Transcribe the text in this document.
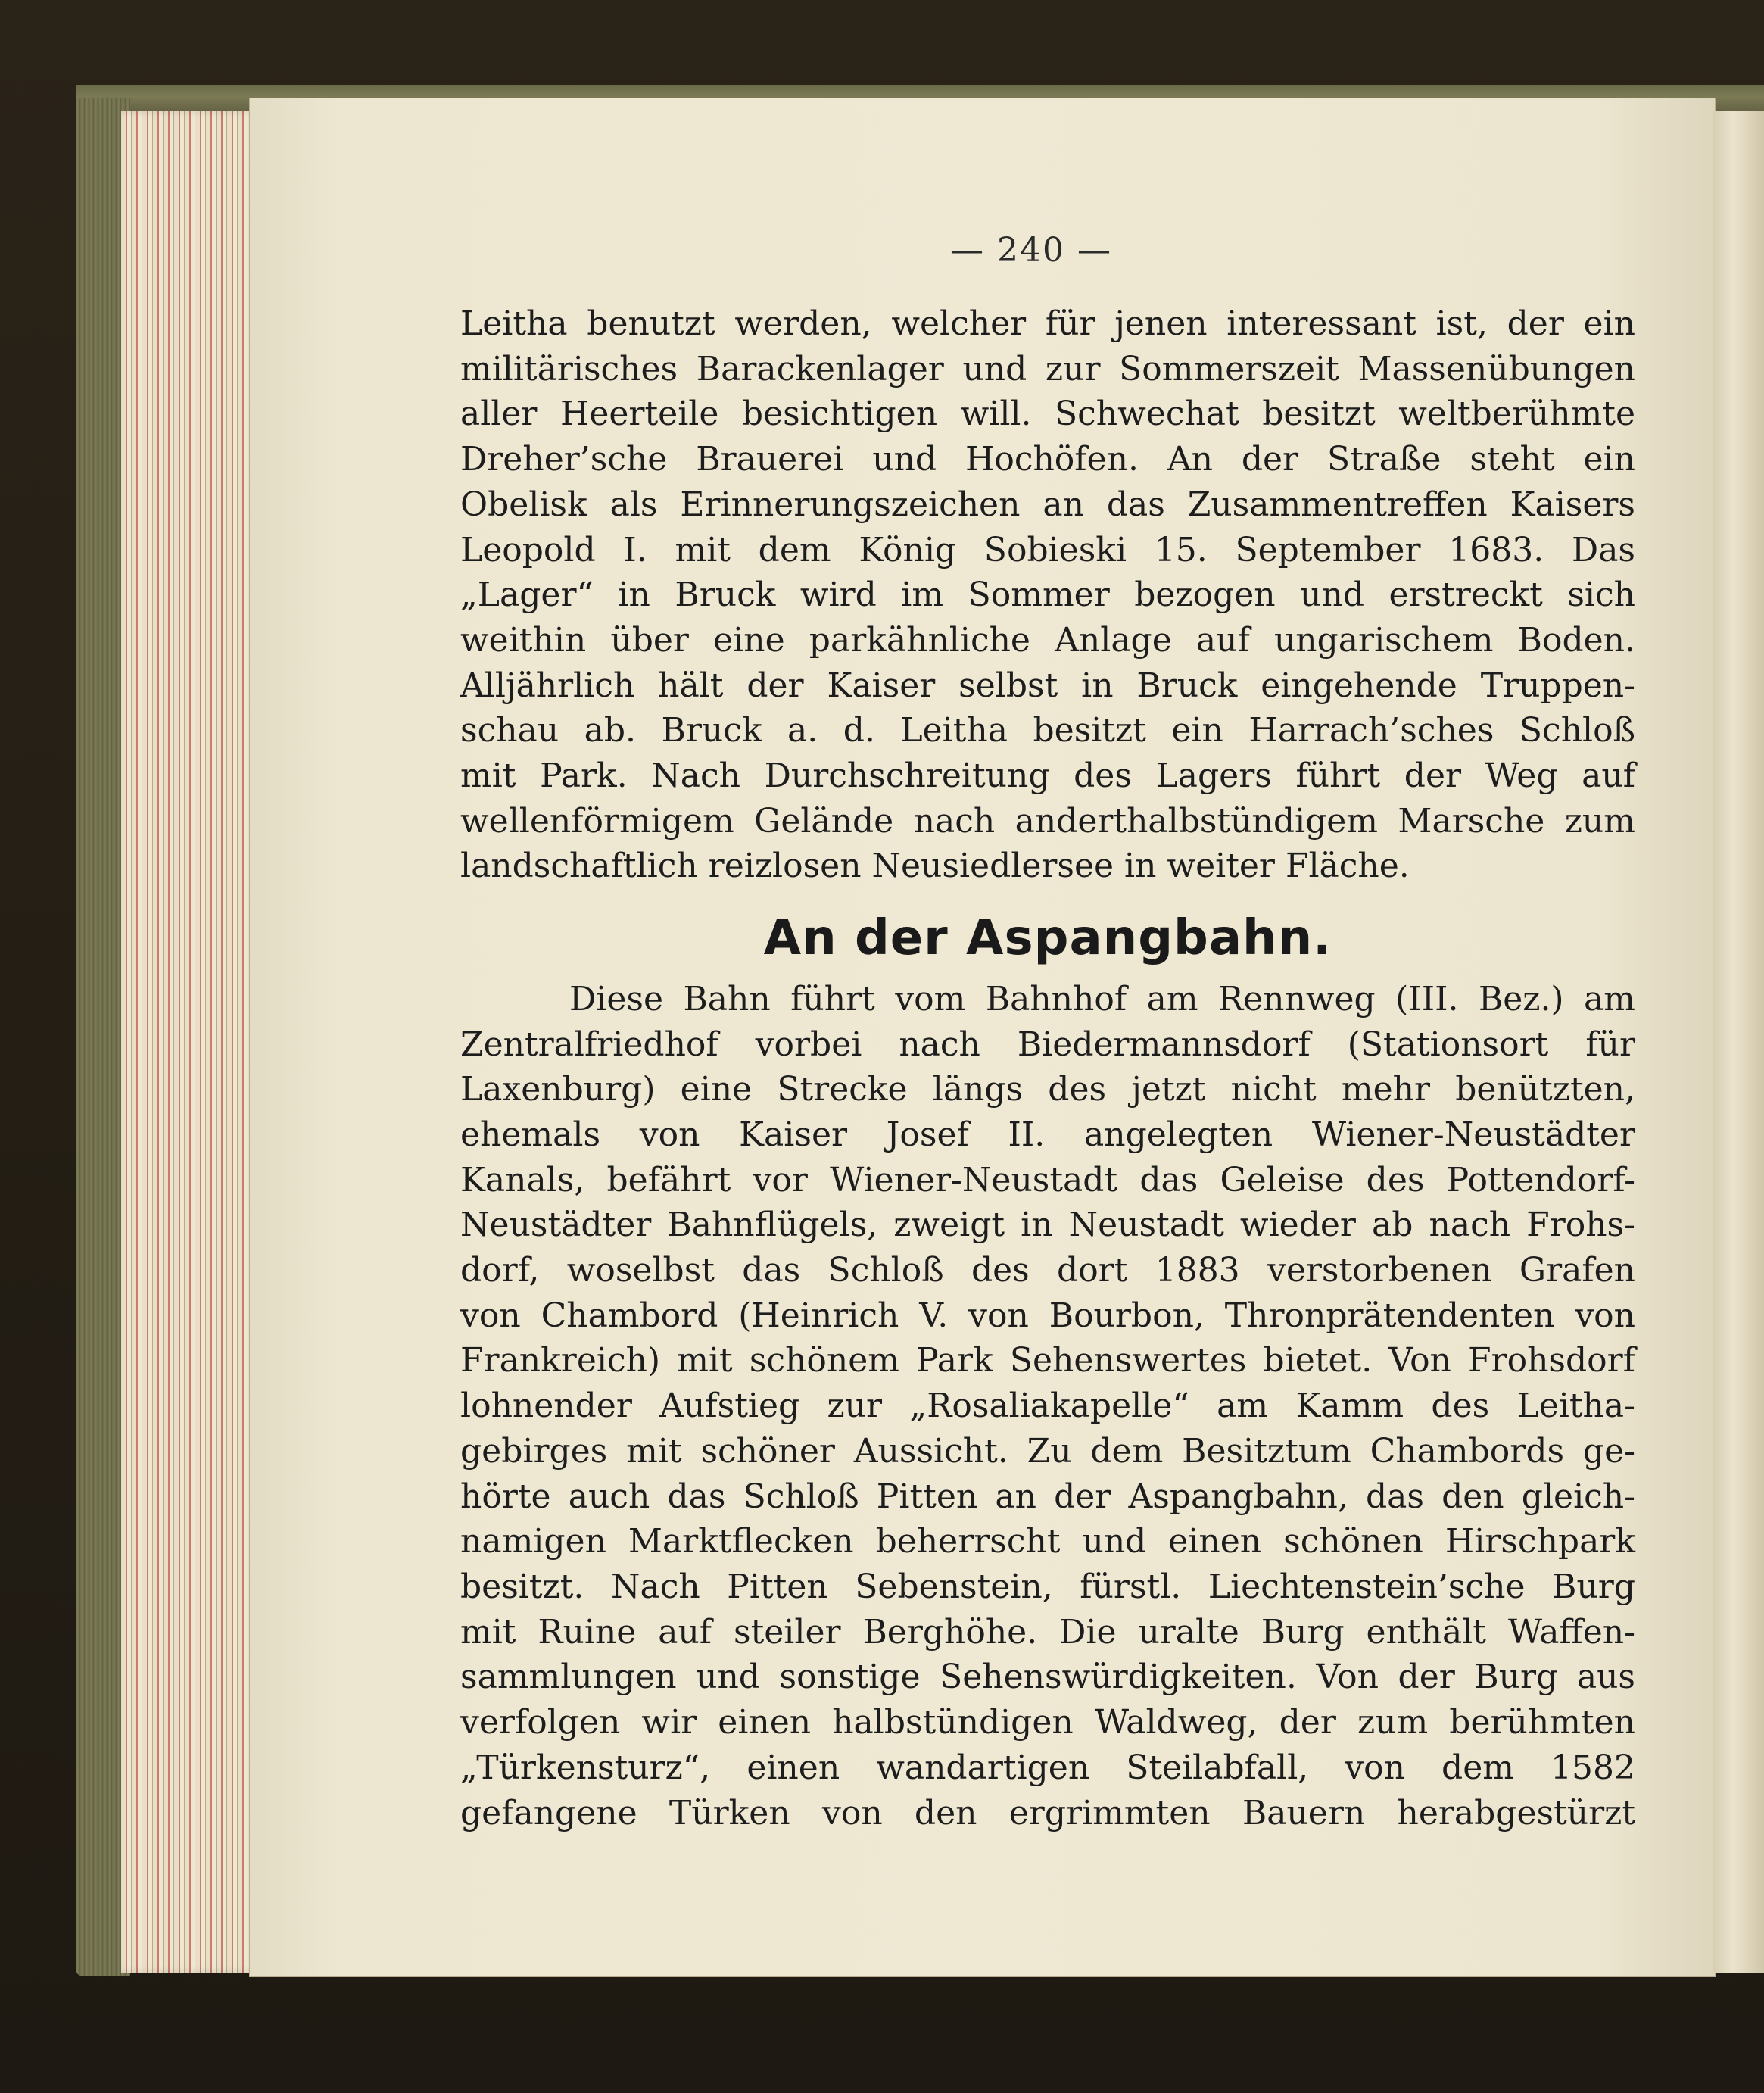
— 240 —
Leitha benutzt werden, welcher für jenen interessant ist, der ein
militärisches Barackenlager und zur Sommerszeit Massenübungen
aller Heerteile besichtigen will. Schwechat besitzt weltberühmte
Dreher’sche Brauerei und Hochöfen. An der Straße steht ein
Obelisk als Erinnerungszeichen an das Zusammentreffen Kaisers
Leopold I. mit dem König Sobieski 15. September 1683. Das
„Lager“ in Bruck wird im Sommer bezogen und erstreckt sich
weithin über eine parkähnliche Anlage auf ungarischem Boden.
Alljährlich hält der Kaiser selbst in Bruck eingehende Truppen-
schau ab. Bruck a. d. Leitha besitzt ein Harrach’sches Schloß
mit Park. Nach Durchschreitung des Lagers führt der Weg auf
wellenförmigem Gelände nach anderthalbstündigem Marsche zum
landschaftlich reizlosen Neusiedlersee in weiter Fläche.
An der Aspangbahn.
Diese Bahn führt vom Bahnhof am Rennweg (III. Bez.) am
Zentralfriedhof vorbei nach Biedermannsdorf (Stationsort für
Laxenburg) eine Strecke längs des jetzt nicht mehr benützten,
ehemals von Kaiser Josef II. angelegten Wiener-Neustädter
Kanals, befährt vor Wiener-Neustadt das Geleise des Pottendorf-
Neustädter Bahnflügels, zweigt in Neustadt wieder ab nach Frohs-
dorf, woselbst das Schloß des dort 1883 verstorbenen Grafen
von Chambord (Heinrich V. von Bourbon, Thronprätendenten von
Frankreich) mit schönem Park Sehenswertes bietet. Von Frohsdorf
lohnender Aufstieg zur „Rosaliakapelle“ am Kamm des Leitha-
gebirges mit schöner Aussicht. Zu dem Besitztum Chambords ge-
hörte auch das Schloß Pitten an der Aspangbahn, das den gleich-
namigen Marktflecken beherrscht und einen schönen Hirschpark
besitzt. Nach Pitten Sebenstein, fürstl. Liechtenstein’sche Burg
mit Ruine auf steiler Berghöhe. Die uralte Burg enthält Waffen-
sammlungen und sonstige Sehenswürdigkeiten. Von der Burg aus
verfolgen wir einen halbstündigen Waldweg, der zum berühmten
„Türkensturz“, einen wandartigen Steilabfall, von dem 1582
gefangene Türken von den ergrimmten Bauern herabgestürzt
